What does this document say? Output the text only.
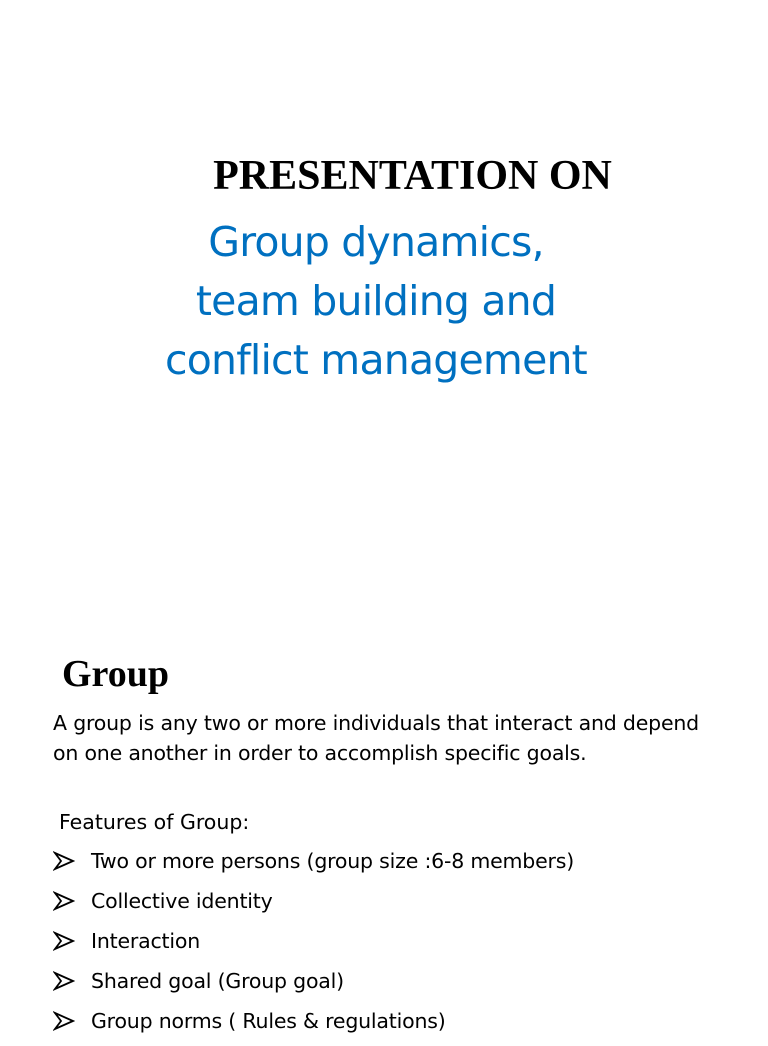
PRESENTATION ON
Group dynamics,
team building and
conflict management
Group
A group is any two or more individuals that interact and depend on one another in order to accomplish specific goals.
Features of Group:
Two or more persons (group size :6-8 members)
Collective identity
Interaction
Shared goal (Group goal)
Group norms ( Rules & regulations)
